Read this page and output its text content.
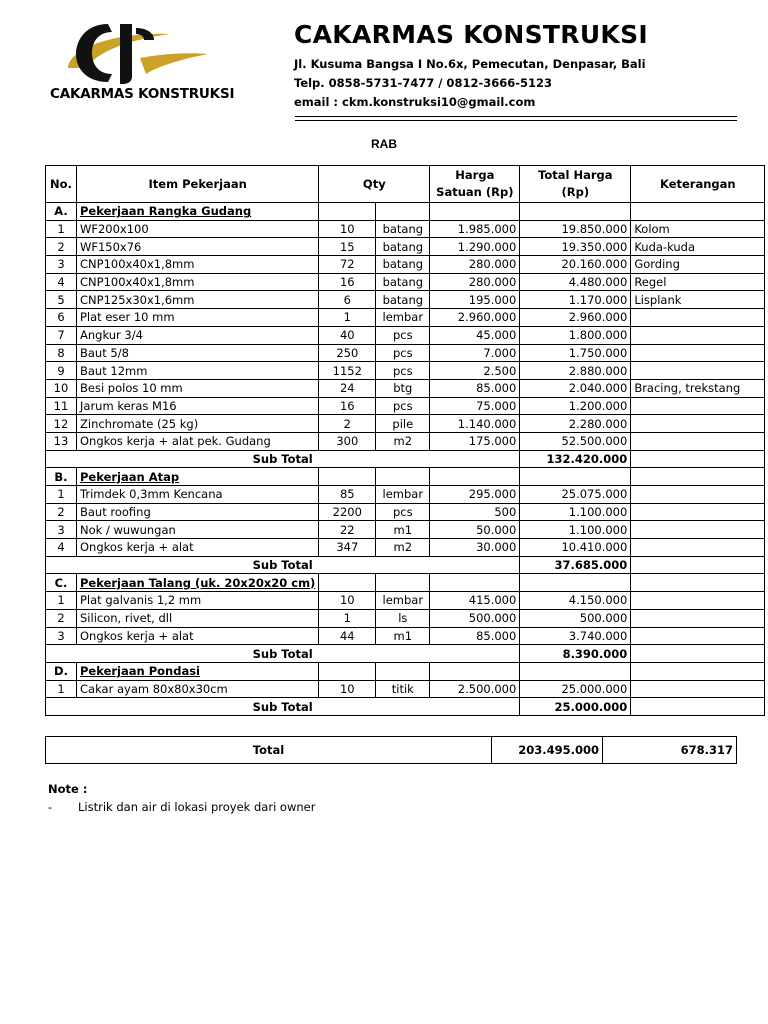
CAKARMAS KONSTRUKSI
CAKARMAS KONSTRUKSI
Jl. Kusuma Bangsa I No.6x, Pemecutan, Denpasar, Bali
Telp. 0858-5731-7477 / 0812-3666-5123
email : ckm.konstruksi10@gmail.com
RAB
No.	Item Pekerjaan	Qty		Harga Satuan (Rp)	Total Harga (Rp)	Keterangan
A.	Pekerjaan Rangka Gudang					
1	WF200x100	10	batang	1.985.000	19.850.000	Kolom
2	WF150x76	15	batang	1.290.000	19.350.000	Kuda-kuda
3	CNP100x40x1,8mm	72	batang	280.000	20.160.000	Gording
4	CNP100x40x1,8mm	16	batang	280.000	4.480.000	Regel
5	CNP125x30x1,6mm	6	batang	195.000	1.170.000	Lisplank
6	Plat eser 10 mm	1	lembar	2.960.000	2.960.000	
7	Angkur 3/4	40	pcs	45.000	1.800.000	
8	Baut 5/8	250	pcs	7.000	1.750.000	
9	Baut 12mm	1152	pcs	2.500	2.880.000	
10	Besi polos 10 mm	24	btg	85.000	2.040.000	Bracing, trekstang
11	Jarum keras M16	16	pcs	75.000	1.200.000	
12	Zinchromate (25 kg)	2	pile	1.140.000	2.280.000	
13	Ongkos kerja + alat pek. Gudang	300	m2	175.000	52.500.000	
Sub Total					132.420.000	
B.	Pekerjaan Atap					
1	Trimdek 0,3mm Kencana	85	lembar	295.000	25.075.000	
2	Baut roofing	2200	pcs	500	1.100.000	
3	Nok / wuwungan	22	m1	50.000	1.100.000	
4	Ongkos kerja + alat	347	m2	30.000	10.410.000	
Sub Total					37.685.000	
C.	Pekerjaan Talang (uk. 20x20x20 cm)					
1	Plat galvanis 1,2 mm	10	lembar	415.000	4.150.000	
2	Silicon, rivet, dll	1	ls	500.000	500.000	
3	Ongkos kerja + alat	44	m1	85.000	3.740.000	
Sub Total					8.390.000	
D.	Pekerjaan Pondasi					
1	Cakar ayam 80x80x30cm	10	titik	2.500.000	25.000.000	
Sub Total					25.000.000	
Total	203.495.000	678.317
Note :
- Listrik dan air di lokasi proyek dari owner
